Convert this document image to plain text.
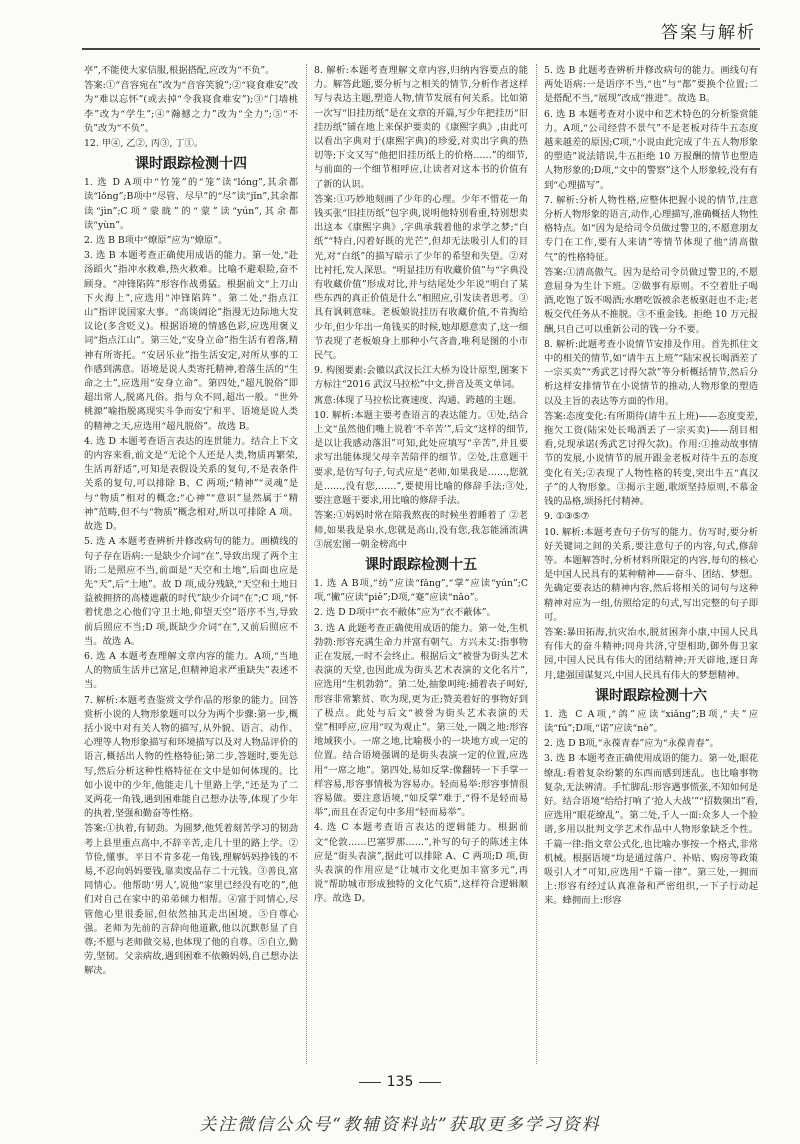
答案与解析

亭”,不能使大家信服,根据搭配,应改为“不负”。

答案:①“音容宛在”改为“音容笑貌”;②“寝食难安”改为“难以忘怀”(或去掉“令我寝食难安”);③“门墙桃李”改为“学生”;④“瀚撼之力”改为“全力”;⑤“不负”改为“不负”。

12. 甲④, 乙②, 丙③, 丁①。

课时跟踪检测十四

1. 选 D A项中“竹笼”的“笼”读“lóng”,其余都读“lǒng”;B项中“尽管、尽早”的“尽”读“jǐn”,其余都读“jìn”;C项“蒙眬”的“蒙”读“yún”,其余都读“yùn”。

2. 选 B B项中“燎原”应为“燎原”。

3. 选 B 本题考查正确使用成语的能力。第一处,“赴汤蹈火”指冲水救难,热火救难。比喻不避艰险,奋不顾身。“冲锋陷阵”形容作战勇猛。根据前文“上刀山下火海上”,应选用“冲锋陷阵”。第二处,“指点江山”指评说国家大事。“高谈阔论”指漫无边际地大发议论(多含贬义)。根据语境的情感色彩,应选用褒义词“指点江山”。第三处,“安身立命”指生活有着落,精神有所寄托。“安居乐业”指生活安定,对所从事的工作感到满意。语境是说人类寄托精神,着落生活的“生命之土”,应选用“安身立命”。第四处,“超凡脱俗”即超出常人,脱离凡俗。指与众不同,超出一般。“世外桃源”喻指脱离现实斗争而安宁和平、语境是说人类的精神之天,应选用“超凡脱俗”。故选 B。

4. 选 D 本题考查语言表达的连贯能力。结合上下文的内容来看,前文是“无论个人还是人类,物质再繁荣,生活再舒适”,可知是表假设关系的复句,不是表条件关系的复句,可以排除 B、C 两项;“精神”“灵魂”是与“物质”相对的概念;“心神”“意识”显然属于“精神”范畴,但不与“物质”概念相对,所以可排除 A 项。故选 D。

5. 选 A 本题考查辨析并修改病句的能力。画横线的句子存在语病:一是缺少介词“在”,导致出现了两个主语;二是照应不当,前面是“天空和土地”,后面也应是先“天”,后“土地”。故 D 项,成分残缺,“天空和土地日益被拥挤的高楼遮蔽的时代”缺少介词“在”;C 项,“怀着忧患之心他们守卫土地,仰望天空”语序不当,导致前后照应不当;D 项,既缺少介词“在”,又前后照应不当。故选 A。

6. 选 A 本题考查理解文章内容的能力。A项,“当地人的物质生活并已富足,但精神追求严重缺失”表述不当。

7. 解析:本题考查鉴赏文学作品的形象的能力。回答赏析小说的人物形象题可以分为两个步骤:第一步,概括小说中对有关人物的描写,从外貌、语言、动作、心理等人物形象描写和环境描写以及对人物品评价的语言,概括出人物的性格特征;第二步,答题时,要先总写,然后分析这种性格特征在文中是如何体现的。比如小说中的少年,他能走几十里路上学,“还是为了二叉两花一角钱,遇到困难能自己想办法等,体现了少年的执着,坚强和勤奋等性格。

答案:①执着,有韧劲。为圆梦,他凭着刻苦学习的韧劲考上县里重点高中,不辞辛苦,走几十里的路上学。②节俭,懂事。平日不肯多花一角钱,理解妈妈挣钱的不易,不忍向妈妈要钱,靠卖废品存二十元钱。③善良,富同情心。他帮助‘男人’,说他“家里已经没有吃的”,他们对自己在家中的弟弟倾力相帮。④富于同情心,尽管他心里很委屈,但依然抽其走出困境。⑤自尊心强。老师为先前的言辞向他道歉,他以沉默彰显了自尊;不愿与老师做交易,也体现了他的自尊。⑤自立,勤劳,坚韧。父亲病故,遇到困难不依赖妈妈,自己想办法解决。

8. 解析:本题考查理解文章内容,归纳内容要点的能力。解答此题,要分析与之相关的情节,分析作者这样写与表达主题,塑造人物,情节发展有何关系。比如第一次写“旧挂历纸”是在文章的开篇,写少年把挂历“旧挂历纸”铺在地上来保护要卖的《康熙字典》,由此可以看出字典对于(康熙字典)的珍爱,对卖出字典的热切等;下文又写“他把旧挂历纸上的价格……”的细节,与前面的一个细节相呼应,让读者对这本书的价值有了新的认识。

答案:①巧妙地刻画了少年的心理。少年不惜花一角钱买张“旧挂历纸”包字典,说明他特别看重,特别想卖出这本《康熙字典》,字典承载着他的求学之梦;“白纸”“特白,闪着好既的光芒”,但却无法吸引人们的目光,对“白纸”的描写暗示了少年的希望和失望。②对比衬托,发人深思。“明显挂历有收藏价值”与“字典没有收藏价值”形成对比,并与结尾处少年说“明白了某些东西的真正价值是什么”相照应,引发读者思考。③具有讽刺意味。老板娘说挂历有收藏价值,不肯掏给少年,但少年出一角钱买的时候,她却愿意卖了,这一细节表现了老板娘身上那种小气吝啬,唯利是图的小市民气。

9. 构图要素:会徽以武汉长江大桥为设计原型,图案下方标注“2016 武汉马拉松”中文,拼音及英文单词。

寓意:体现了马拉松比赛速度、沟通、跨越的主题。

10. 解析:本题主要考查语言的表达能力。①处,结合上文“虽然他们嘴上说着‘不辛苦’”,后文“这样的细节,是以让我感动落泪”可知,此处应填写“辛苦”,并且要求写出能体现父母辛苦陪伴的细节。②处,注意题干要求,是仿写句子,句式应是“老师,如果我是……,您就是……,没有您,……”,要使用比喻的修辞手法;③处,要注意题干要求,用比喻的修辞手法。

答案:①妈妈时常在陪我熬夜的时候坐着睡着了 ②老师,如果我是泉水,您就是高山,没有您,我怎能涌流满 ③展宏图一朝金榜高中

课时跟踪检测十五

1. 选 A B项,“纺”应读“fǎng”,“掌”应读“yún”;C项,“撇”应读“piě”;D项,“蹇”应读“nǎo”。

2. 选 D D项中“衣不敝体”应为“衣不蔽体”。

3. 选 A 此题考查正确使用成语的能力。第一处,生机勃勃:形容充满生命力并富有朝气。方兴未艾:指事物正在发展,一时不会终止。根据后文“被誉为街头艺术表演的天堂,也因此成为街头艺术表演的文化名片”,应选用“生机勃勃”。第二处,抽象呵纯:捕着表子呵好,形容非常繁贫、吹为现,更为正;赞美着好的事物好到了极点。此处与后文“被誉为街头艺术表演的天堂”相呼应,应用“叹为观止”。第三处,一隅之地:形容地域狭小。一席之地,比喻极小的一块地方或一定的位置。结合语境强调的是街头表演一定的位置,应选用“一席之地”。第四处,易如反掌:像翻转一下手掌一样容易,形容事情极为容易办。轻而易举:形容事情很容易做。要注意语境,“如反掌”难于,“得不是轻而易举”,而且在否定句中多用“轻而易举”。

4. 选 C 本题考查语言表达的逻辑能力。根据前文“伦敦……巴塞罗那……”,补写的句子的陈述主体应是“街头表演”,据此可以排除 A、C 两项;D 项,街头表演的作用应是“让城市文化更加丰富多元”,再说“帮助城市形成独特的文化气质”,这样符合逻辑顺序。故选 D。

5. 选 B 此题考查辨析并修改病句的能力。画线句有两处语病:一是语序不当,“也”与“都”要换个位置;二是搭配不当,“展现”改成“推进”。故选 B。

6. 选 B 本题考查对小说中和艺术特色的分析鉴赏能力。A项,“公司经营不景气”不是老板对待牛五态度越来越差的原因;C项,“小说由此完成了牛五人物形象的塑造”说法错误,牛五拒绝 10 万报酬的情节也塑造人物形象的;D项,“文中的警察”这个人形象较,没有有到“心理描写”。

7. 解析:分析人物性格,应整体把握小说的情节,注意分析人物形象的语言,动作,心理描写,准确概括人物性格特点。如“因为是给司令员做过警卫的,不愿意朋友专门在工作,要有人来请”等情节体现了他“清高傲气”的性格特征。

答案:①清高傲气。因为是给司令员做过警卫的,不愿意屈身为生计下班。②做事有原则。不空着肚子喝酒,吃饱了饭不喝酒;水磨吃饭被余老板驱赶也不走;老板交代任务从不推脱。③不重金钱。拒绝 10 万元报酬,只自己可以重新公司的钱一分不要。

8. 解析:此题考查小说情节安排及作用。首先抓住文中的相关的情节,如“请牛五上班”“陆宋祝长喝酒差了一宗买卖”“秀武艺讨得欠款”等分析概括情节,然后分析这样安排情节在小说情节的推动,人物形象的塑造以及主旨的表达等方面的作用。

答案:态度变化:有所期待(请牛五上班)——态度变差,拖欠工资(陆宋处长喝酒丢了一宗买卖)——刮目相看,兑现承诺(秀武艺讨得欠款)。作用:①推动故事情节的发展,小说情节的展开跟金老板对待牛五的态度变化有关;②表现了人物性格的转变,突出牛五“真汉子”的人物形象。③揭示主题,歌颂坚持原则,不慕金钱的品格,颂扬托付精神。

9. ①③⑤⑦

10. 解析:本题考查句子仿写的能力。仿写时,要分析好关键词之间的关系,要注意句子的内容,句式,修辞等。本题解答时,分析材料所限定的内容,每句的核心是中国人民具有的某种精神——奋斗、团结、梦想。先确定要表达的精神内容,然后将相关的词句与这种精神对应为一组,仿照给定的句式,写出完整的句子即可。

答案:暴田拓海,抗灾治水,脱贫困奔小康,中国人民具有伟大的奋斗精神;同舟共济,守望相助,御外侮卫家园,中国人民具有伟大的团结精神;开天辟地,逐日奔月,建强国谋复兴,中国人民具有伟大的梦想精神。

课时跟踪检测十六

1. 选 C A项,“鸽”应读“xiǎng”;B项,“夫”应读“fú”;D项,“诺”应读“nè”。

2. 选 D B项,“永葆青春”应为“永葆青春”。

3. 选 B 本题考查正确使用成语的能力。第一处,眼花缭乱:看着复杂纷繁的东西而感到迷乱。也比喻事物复杂,无法辨清。手忙脚乱:形容遇事慌张,不知如何是好。结合语境“给给打响了‘抢人大战’”“招数频出”看,应选用“眼花缭乱”。第二处,千人一面:众多人一个脸谱,多用以批判文学艺术作品中人物形象缺乏个性。千篇一律:指文章公式化,也比喻办事按一个格式,非常机械。根据语境“均是通过落户、补贴、购房等政策吸引人才”可知,应选用“千篇一律”。第三处,一拥而上:形容有经过认真准备和严密组织,一下子行动起来。蜂拥而上:形容

135
关注微信公众号“教辅资料站”获取更多学习资料
